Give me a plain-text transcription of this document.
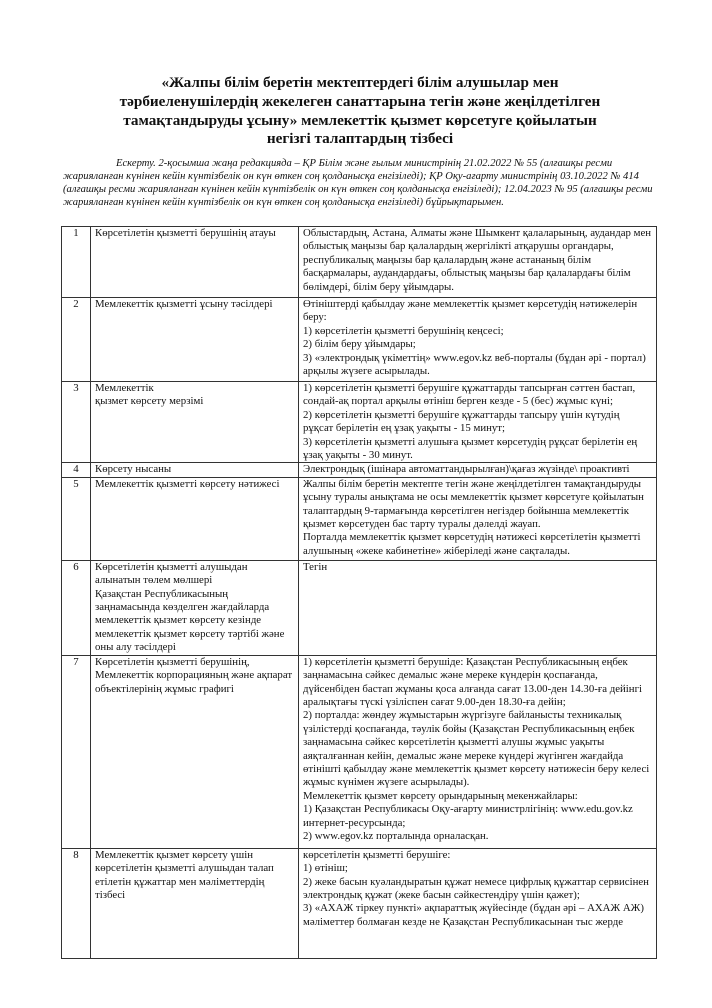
«Жалпы білім беретін мектептердегі білім алушылар мен тәрбиеленушілердің жекелеген санаттарына тегін және жеңілдетілген тамақтандыруды ұсыну» мемлекеттік қызмет көрсетуге қойылатын негізгі талаптардың тізбесі
Ескерту. 2-қосымша жаңа редакцияда – ҚР Білім және ғылым министрінің 21.02.2022 № 55 (алғашқы ресми жарияланған күнінен кейін күнтізбелік он күн өткен соң қолданысқа енгізіледі); ҚР Оқу-ағарту министрінің 03.10.2022 № 414 (алғашқы ресми жарияланған күнінен кейін күнтізбелік он күн өткен соң қолданысқа енгізіледі); 12.04.2023 № 95 (алғашқы ресми жарияланған күнінен кейін күнтізбелік он күн өткен соң қолданысқа енгізіледі) бұйрықтарымен.
1	Көрсетілетін қызметті берушінің атауы	Облыстардың, Астана, Алматы және Шымкент қалаларының, аудандар мен облыстық маңызы бар қалалардың жергілікті атқарушы органдары, республикалық маңызы бар қалалардың және астананың білім басқармалары, аудандардағы, облыстық маңызы бар қалалардағы білім бөлімдері, білім беру ұйымдары.

2	Мемлекеттік қызметті ұсыну тәсілдері	Өтініштерді қабылдау және мемлекеттік қызмет көрсетудің нәтижелерін беру:
1) көрсетілетін қызметті берушінің кеңсесі;
2) білім беру ұйымдары;
3) «электрондық үкіметтің» www.egov.kz веб-порталы (бұдан әрі - портал) арқылы жүзеге асырылады.

3	Мемлекеттік
қызмет көрсету мерзімі	1) көрсетілетін қызметті берушіге құжаттарды тапсырған сәттен бастап, сондай-ақ портал арқылы өтініш берген кезде - 5 (бес) жұмыс күні;
2) көрсетілетін қызметті берушіге құжаттарды тапсыру үшін күтудің рұқсат берілетін ең ұзақ уақыты - 15 минут;
3) көрсетілетін қызметті алушыға қызмет көрсетудің рұқсат берілетін ең ұзақ уақыты - 30 минут.

4	Көрсету нысаны	Электрондық (ішінара автоматтандырылған)\қағаз жүзінде\ проактивті

5	Мемлекеттік қызметті көрсету нәтижесі	Жалпы білім беретін мектепте тегін және жеңілдетілген тамақтандыруды ұсыну туралы анықтама не осы мемлекеттік қызмет көрсетуге қойылатын талаптардың 9-тармағында көрсетілген негіздер бойынша мемлекеттік қызмет көрсетуден бас тарту туралы дәлелді жауап.
Порталда мемлекеттік қызмет көрсетудің нәтижесі көрсетілетін қызметті алушының «жеке кабинетіне» жіберіледі және сақталады.

6	Көрсетілетін қызметті алушыдан алынатын төлем мөлшері
Қазақстан Республикасының заңнамасында көзделген жағдайларда мемлекеттік қызмет көрсету кезінде мемлекеттік қызмет көрсету тәртібі және оны алу тәсілдері	Тегін

7	Көрсетілетін қызметті берушінің, Мемлекеттік корпорацияның және ақпарат объектілерінің жұмыс графигі	1) көрсетілетін қызметті берушіде: Қазақстан Республикасының еңбек заңнамасына сәйкес демалыс және мереке күндерін қоспағанда, дүйсенбіден бастап жұманы қоса алғанда сағат 13.00-ден 14.30-ға дейінгі аралықтағы түскі үзіліспен сағат 9.00-ден 18.30-ға дейін;
2) порталда: жөндеу жұмыстарын жүргізуге байланысты техникалық үзілістерді қоспағанда, тәулік бойы (Қазақстан Республикасының еңбек заңнамасына сәйкес көрсетілетін қызметті алушы жұмыс уақыты аяқталғаннан кейін, демалыс және мереке күндері жүгінген жағдайда өтінішті қабылдау және мемлекеттік қызмет көрсету нәтижесін беру келесі жұмыс күнімен жүзеге асырылады).
Мемлекеттік қызмет көрсету орындарының мекенжайлары:
1) Қазақстан Республикасы Оқу-ағарту министрлігінің: www.edu.gov.kz интернет-ресурсында;
2) www.egov.kz порталында орналасқан.

8	Мемлекеттік қызмет көрсету үшін көрсетілетін қызметті алушыдан талап етілетін құжаттар мен мәліметтердің тізбесі	көрсетілетін қызметті берушіге:
1) өтініш;
2) жеке басын куәландыратын құжат немесе цифрлық құжаттар сервисінен электрондық құжат (жеке басын сәйкестендіру үшін қажет);
3) «АХАЖ тіркеу пункті» ақпараттық жүйесінде (бұдан әрі – АХАЖ АЖ) мәліметтер болмаған кезде не Қазақстан Республикасынан тыс жерде
